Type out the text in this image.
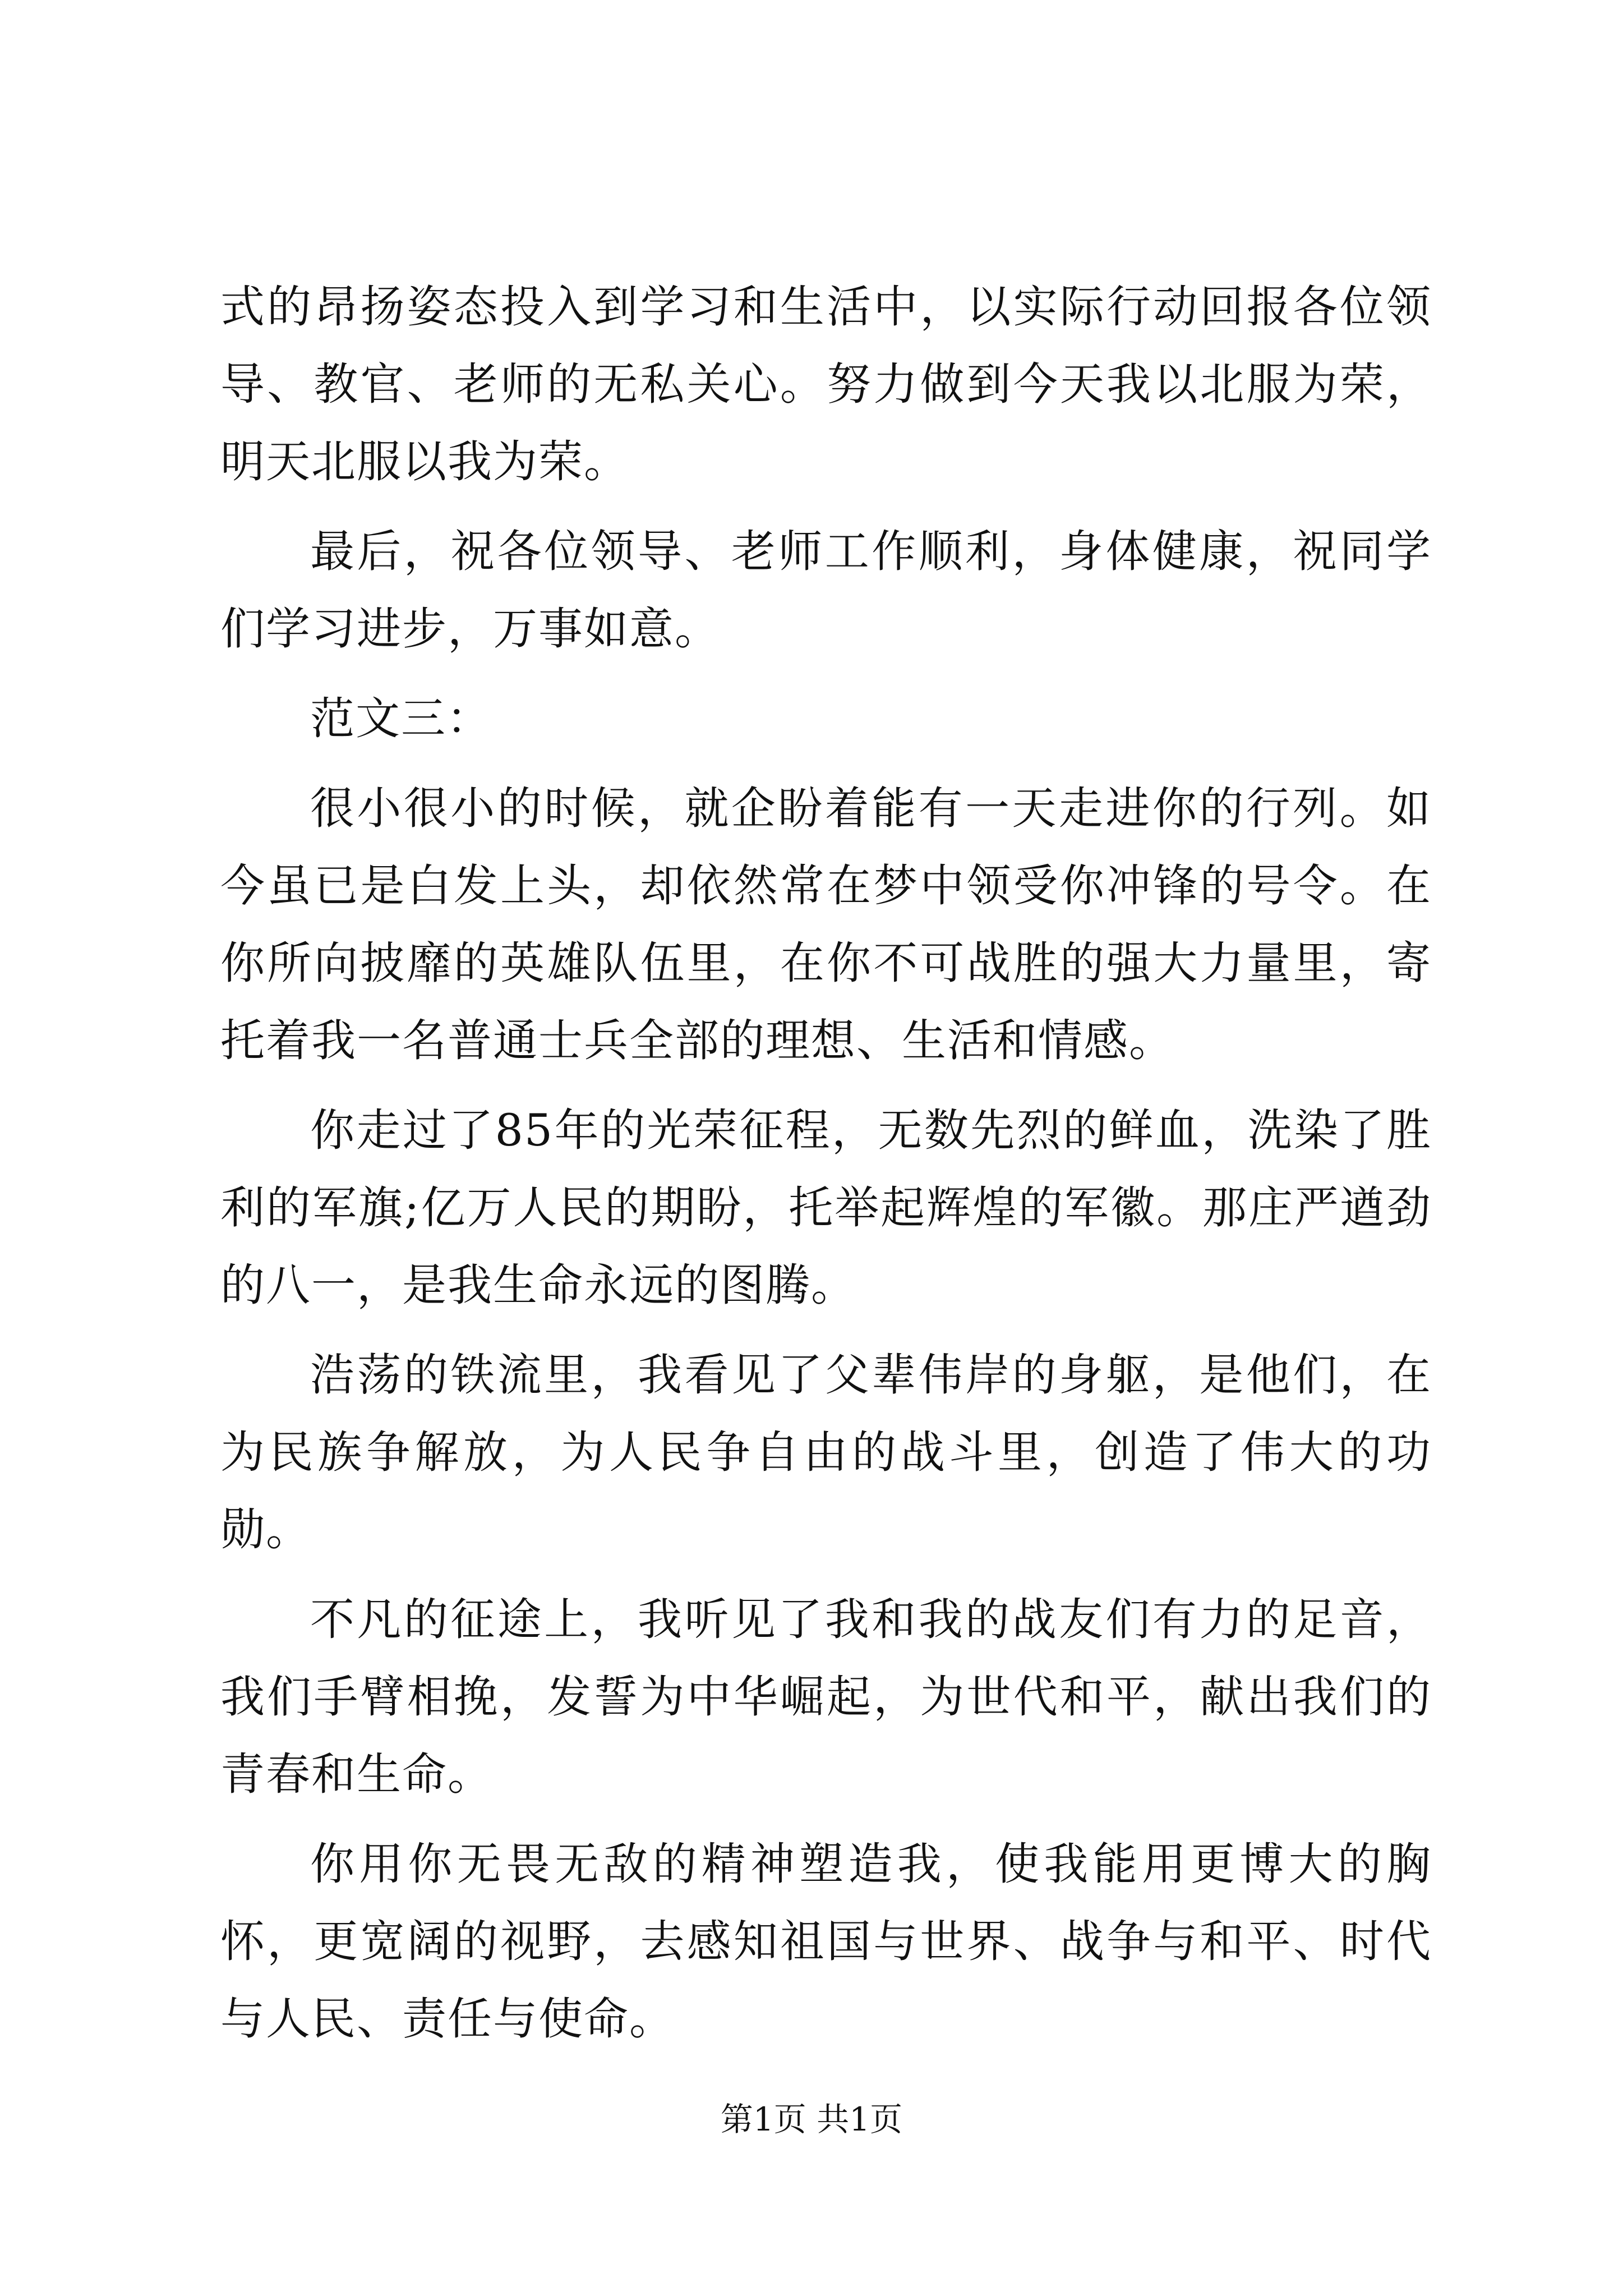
式的昂扬姿态投入到学习和生活中，以实际行动回报各位领导、教官、老师的无私关心。努力做到今天我以北服为荣，明天北服以我为荣。

最后，祝各位领导、老师工作顺利，身体健康，祝同学们学习进步，万事如意。

范文三：

很小很小的时候，就企盼着能有一天走进你的行列。如今虽已是白发上头，却依然常在梦中领受你冲锋的号令。在你所向披靡的英雄队伍里，在你不可战胜的强大力量里，寄托着我一名普通士兵全部的理想、生活和情感。

你走过了85年的光荣征程，无数先烈的鲜血，洗染了胜利的军旗;亿万人民的期盼，托举起辉煌的军徽。那庄严遒劲的八一，是我生命永远的图腾。

浩荡的铁流里，我看见了父辈伟岸的身躯，是他们，在为民族争解放，为人民争自由的战斗里，创造了伟大的功勋。

不凡的征途上，我听见了我和我的战友们有力的足音，我们手臂相挽，发誓为中华崛起，为世代和平，献出我们的青春和生命。

你用你无畏无敌的精神塑造我，使我能用更博大的胸怀，更宽阔的视野，去感知祖国与世界、战争与和平、时代与人民、责任与使命。

第1页 共1页
